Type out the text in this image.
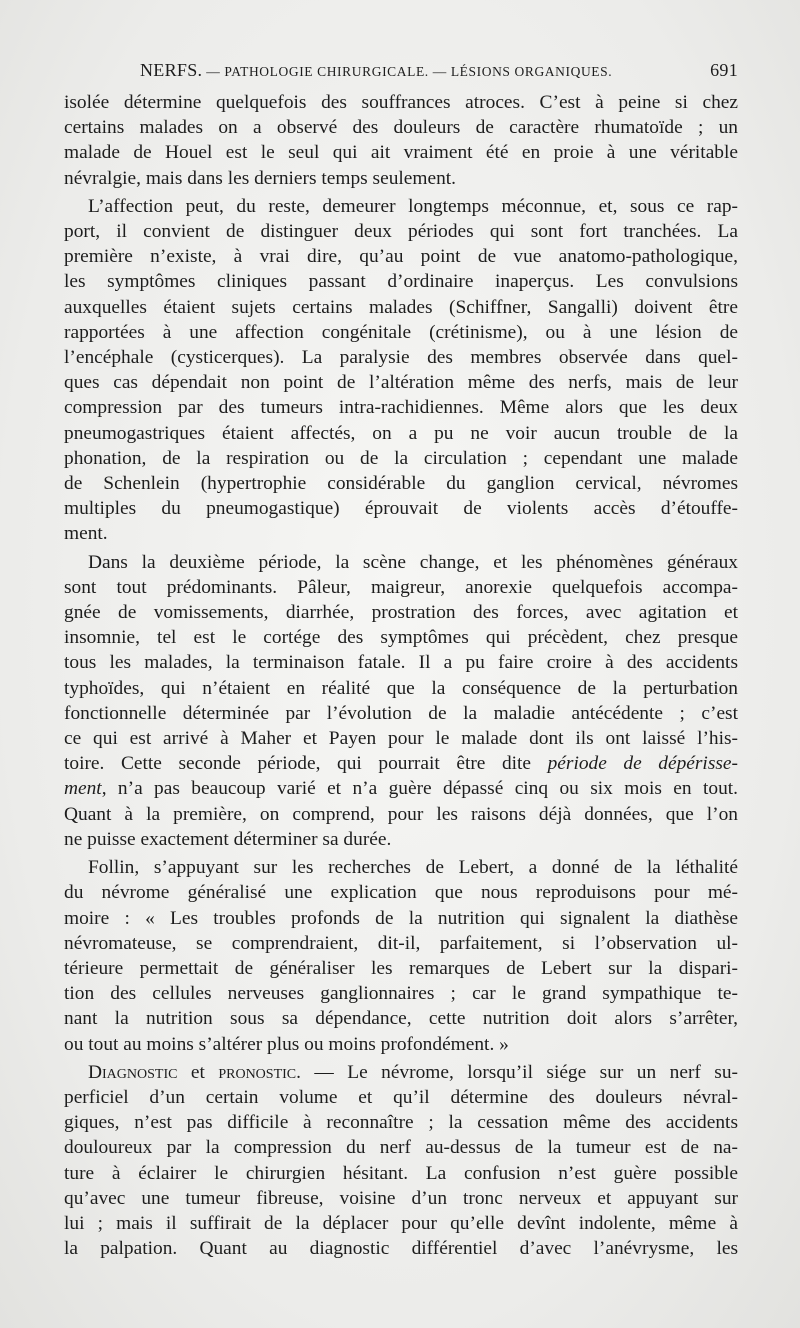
NERFS. — PATHOLOGIE CHIRURGICALE. — LÉSIONS ORGANIQUES.	691

isolée détermine quelquefois des souffrances atroces. C’est à peine si chez
certains malades on a observé des douleurs de caractère rhumatoïde ; un
malade de Houel est le seul qui ait vraiment été en proie à une véritable
névralgie, mais dans les derniers temps seulement.

L’affection peut, du reste, demeurer longtemps méconnue, et, sous ce rap-
port, il convient de distinguer deux périodes qui sont fort tranchées. La
première n’existe, à vrai dire, qu’au point de vue anatomo-pathologique,
les symptômes cliniques passant d’ordinaire inaperçus. Les convulsions
auxquelles étaient sujets certains malades (Schiffner, Sangalli) doivent être
rapportées à une affection congénitale (crétinisme), ou à une lésion de
l’encéphale (cysticerques). La paralysie des membres observée dans quel-
ques cas dépendait non point de l’altération même des nerfs, mais de leur
compression par des tumeurs intra-rachidiennes. Même alors que les deux
pneumogastriques étaient affectés, on a pu ne voir aucun trouble de la
phonation, de la respiration ou de la circulation ; cependant une malade
de Schenlein (hypertrophie considérable du ganglion cervical, névromes
multiples du pneumogastique) éprouvait de violents accès d’étouffe-
ment.

Dans la deuxième période, la scène change, et les phénomènes généraux
sont tout prédominants. Pâleur, maigreur, anorexie quelquefois accompa-
gnée de vomissements, diarrhée, prostration des forces, avec agitation et
insomnie, tel est le cortége des symptômes qui précèdent, chez presque
tous les malades, la terminaison fatale. Il a pu faire croire à des accidents
typhoïdes, qui n’étaient en réalité que la conséquence de la perturbation
fonctionnelle déterminée par l’évolution de la maladie antécédente ; c’est
ce qui est arrivé à Maher et Payen pour le malade dont ils ont laissé l’his-
toire. Cette seconde période, qui pourrait être dite période de dépérisse-
ment, n’a pas beaucoup varié et n’a guère dépassé cinq ou six mois en tout.
Quant à la première, on comprend, pour les raisons déjà données, que l’on
ne puisse exactement déterminer sa durée.

Follin, s’appuyant sur les recherches de Lebert, a donné de la léthalité
du névrome généralisé une explication que nous reproduisons pour mé-
moire : « Les troubles profonds de la nutrition qui signalent la diathèse
névromateuse, se comprendraient, dit-il, parfaitement, si l’observation ul-
térieure permettait de généraliser les remarques de Lebert sur la dispari-
tion des cellules nerveuses ganglionnaires ; car le grand sympathique te-
nant la nutrition sous sa dépendance, cette nutrition doit alors s’arrêter,
ou tout au moins s’altérer plus ou moins profondément. »

Diagnostic et pronostic. — Le névrome, lorsqu’il siége sur un nerf su-
perficiel d’un certain volume et qu’il détermine des douleurs névral-
giques, n’est pas difficile à reconnaître ; la cessation même des accidents
douloureux par la compression du nerf au-dessus de la tumeur est de na-
ture à éclairer le chirurgien hésitant. La confusion n’est guère possible
qu’avec une tumeur fibreuse, voisine d’un tronc nerveux et appuyant sur
lui ; mais il suffirait de la déplacer pour qu’elle devînt indolente, même à
la palpation. Quant au diagnostic différentiel d’avec l’anévrysme, les
